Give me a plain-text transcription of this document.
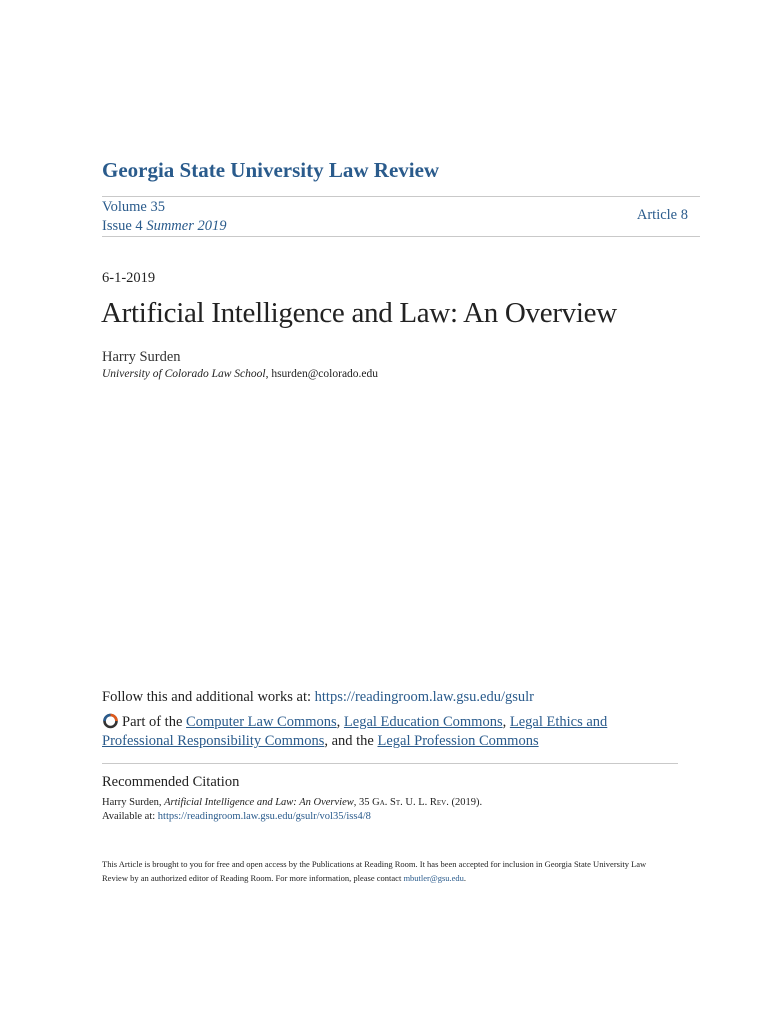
Georgia State University Law Review
Volume 35
Issue 4 Summer 2019
Article 8
6-1-2019
Artificial Intelligence and Law: An Overview
Harry Surden
University of Colorado Law School, hsurden@colorado.edu
Follow this and additional works at: https://readingroom.law.gsu.edu/gsulr
Part of the Computer Law Commons, Legal Education Commons, Legal Ethics and Professional Responsibility Commons, and the Legal Profession Commons
Recommended Citation
Harry Surden, Artificial Intelligence and Law: An Overview, 35 Ga. St. U. L. Rev. (2019).
Available at: https://readingroom.law.gsu.edu/gsulr/vol35/iss4/8
This Article is brought to you for free and open access by the Publications at Reading Room. It has been accepted for inclusion in Georgia State University Law Review by an authorized editor of Reading Room. For more information, please contact mbutler@gsu.edu.
